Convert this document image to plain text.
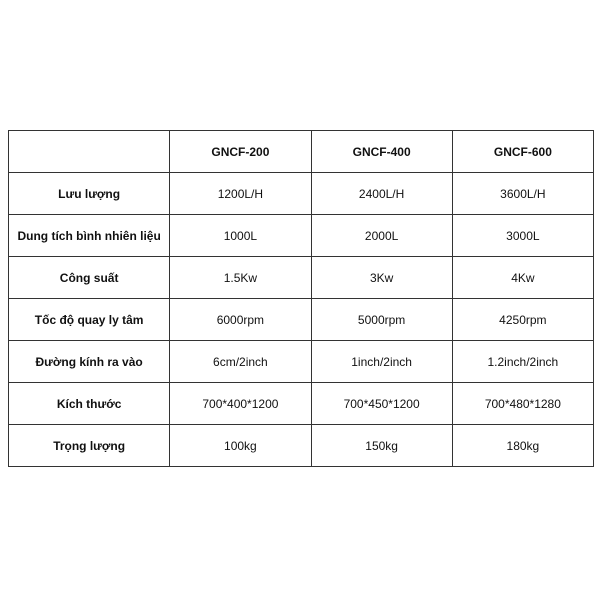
	GNCF-200	GNCF-400	GNCF-600
Lưu lượng	1200L/H	2400L/H	3600L/H
Dung tích bình nhiên liệu	1000L	2000L	3000L
Công suất	1.5Kw	3Kw	4Kw
Tốc độ quay ly tâm	6000rpm	5000rpm	4250rpm
Đường kính ra vào	6cm/2inch	1inch/2inch	1.2inch/2inch
Kích thước	700*400*1200	700*450*1200	700*480*1280
Trọng lượng	100kg	150kg	180kg
